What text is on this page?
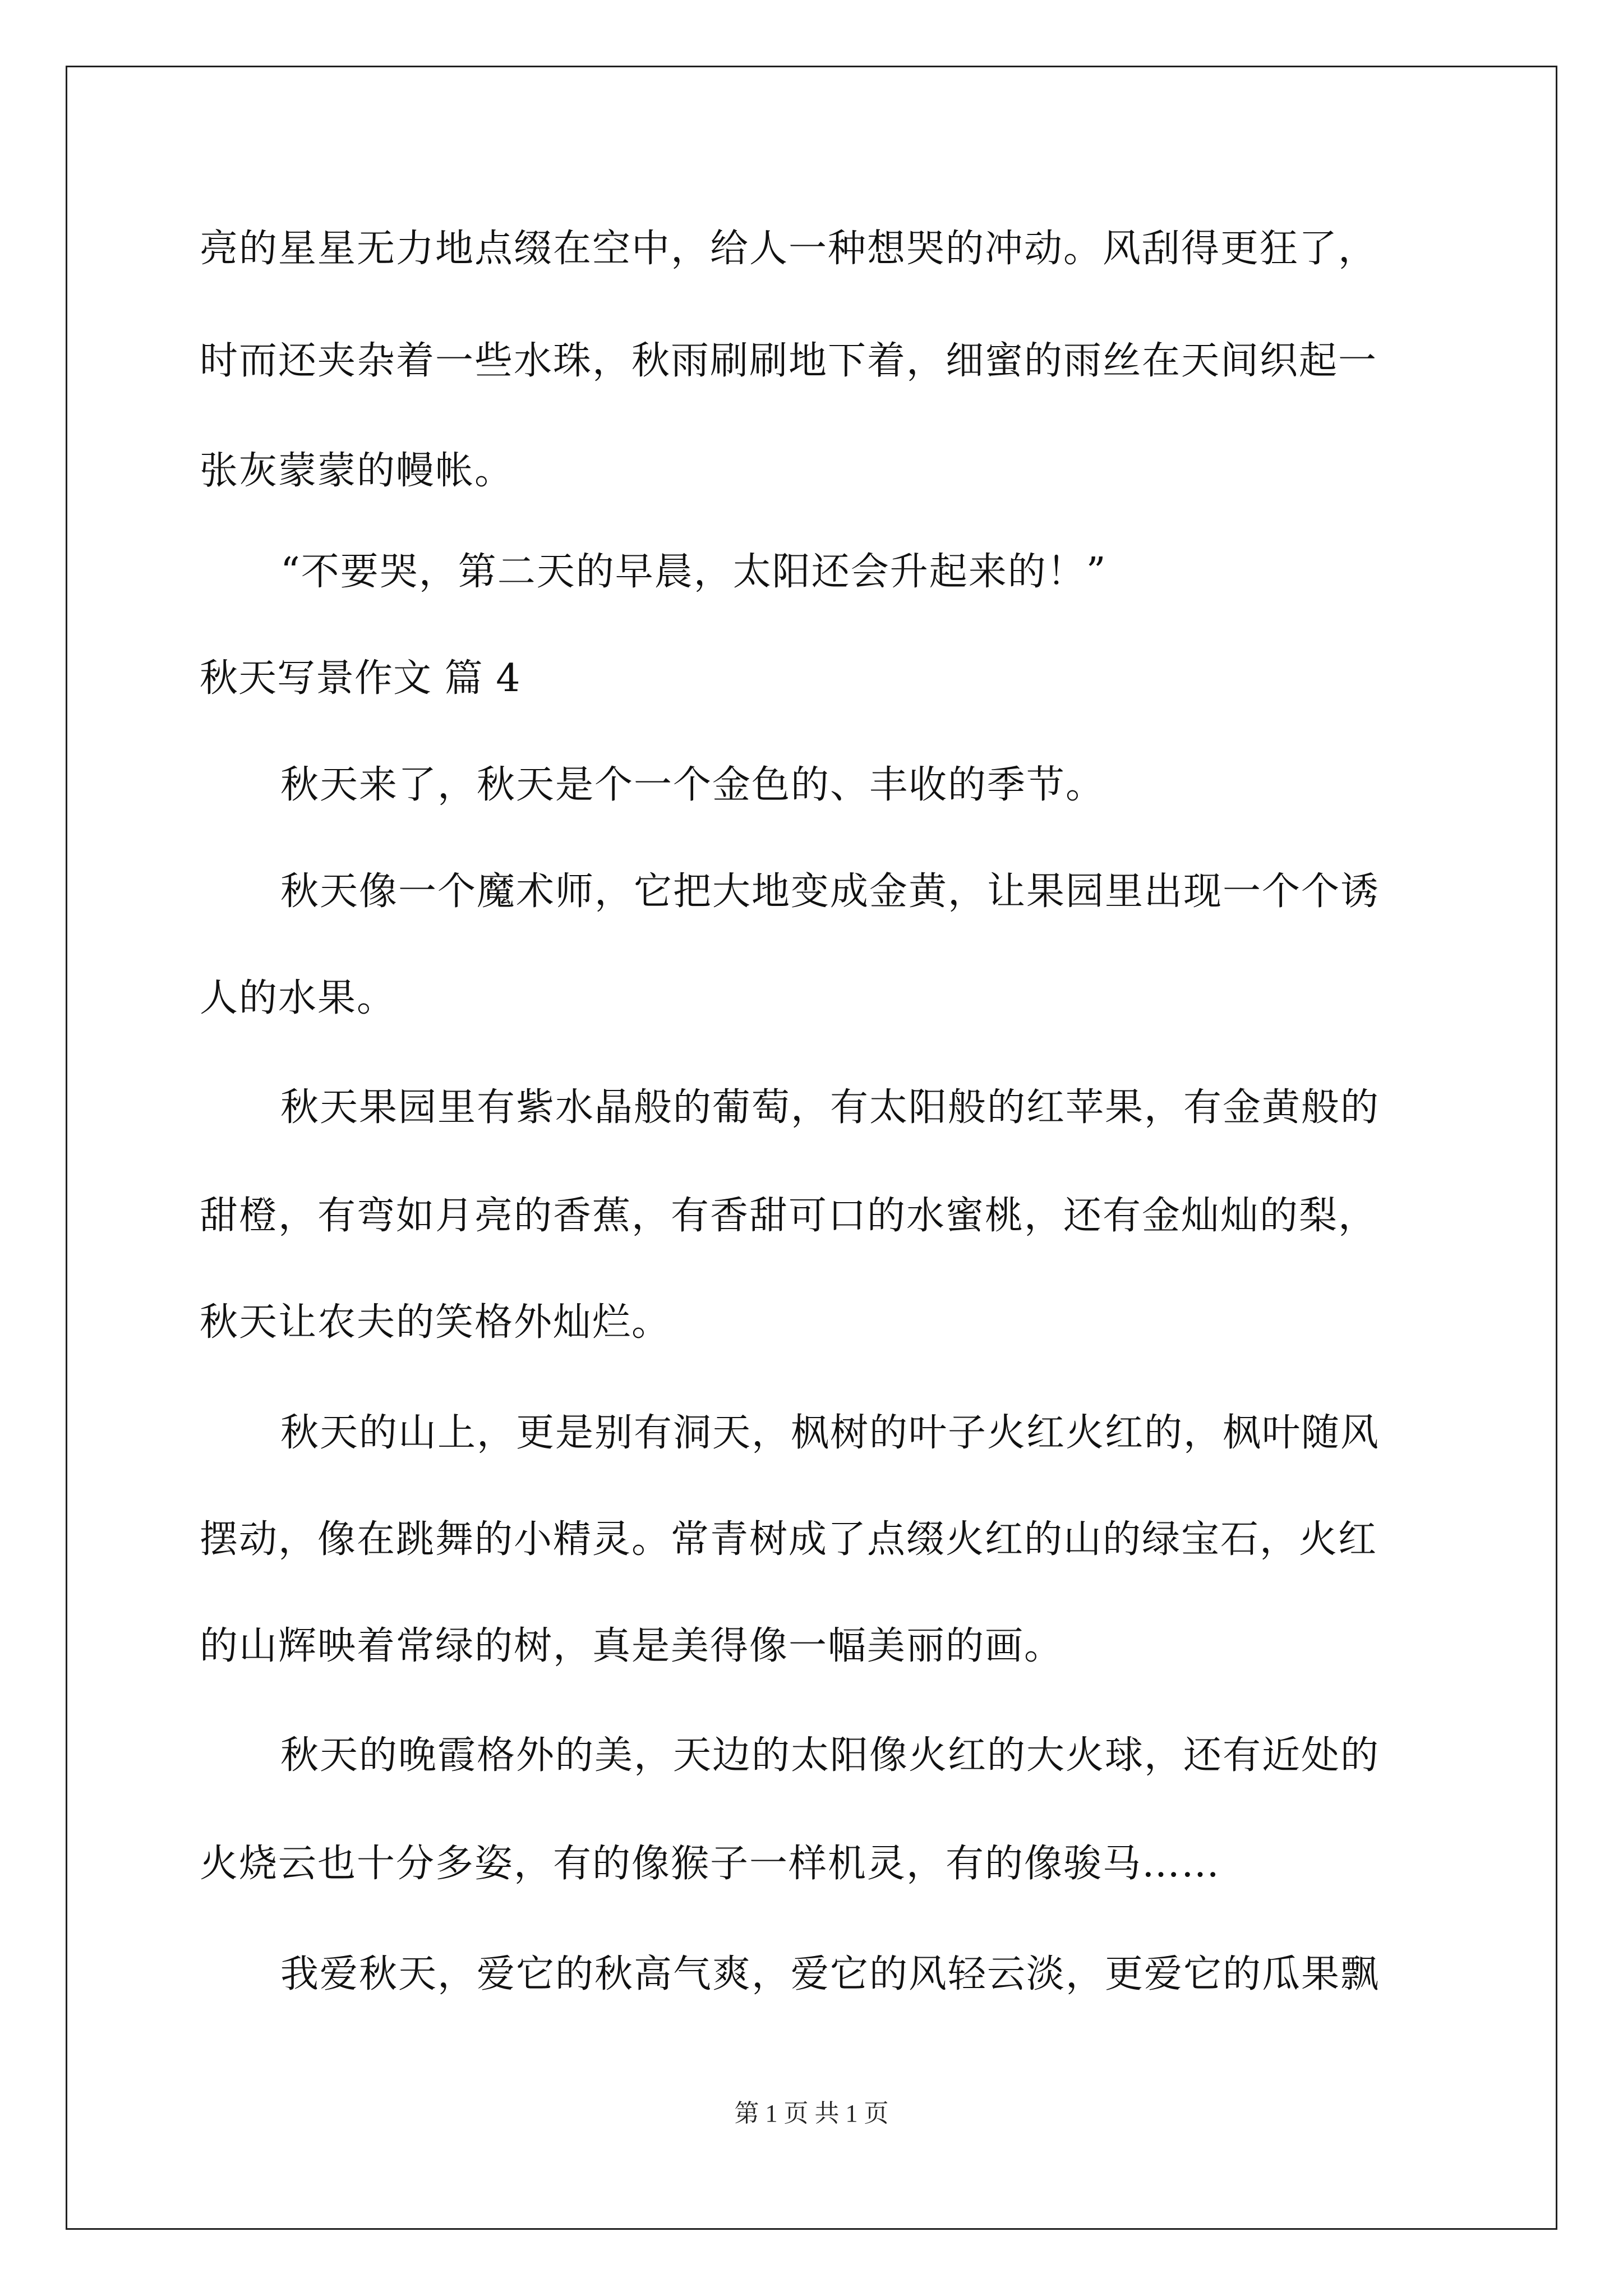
亮的星星无力地点缀在空中，给人一种想哭的冲动。风刮得更狂了，
时而还夹杂着一些水珠，秋雨刷刷地下着，细蜜的雨丝在天间织起一
张灰蒙蒙的幔帐。
“不要哭，第二天的早晨，太阳还会升起来的！”
秋天写景作文 篇 4
秋天来了，秋天是个一个金色的、丰收的季节。
秋天像一个魔术师，它把大地变成金黄，让果园里出现一个个诱
人的水果。
秋天果园里有紫水晶般的葡萄，有太阳般的红苹果，有金黄般的
甜橙，有弯如月亮的香蕉，有香甜可口的水蜜桃，还有金灿灿的梨，
秋天让农夫的笑格外灿烂。
秋天的山上，更是别有洞天，枫树的叶子火红火红的，枫叶随风
摆动，像在跳舞的小精灵。常青树成了点缀火红的山的绿宝石，火红
的山辉映着常绿的树，真是美得像一幅美丽的画。
秋天的晚霞格外的美，天边的太阳像火红的大火球，还有近处的
火烧云也十分多姿，有的像猴子一样机灵，有的像骏马……
我爱秋天，爱它的秋高气爽，爱它的风轻云淡，更爱它的瓜果飘
第 1 页 共 1 页
